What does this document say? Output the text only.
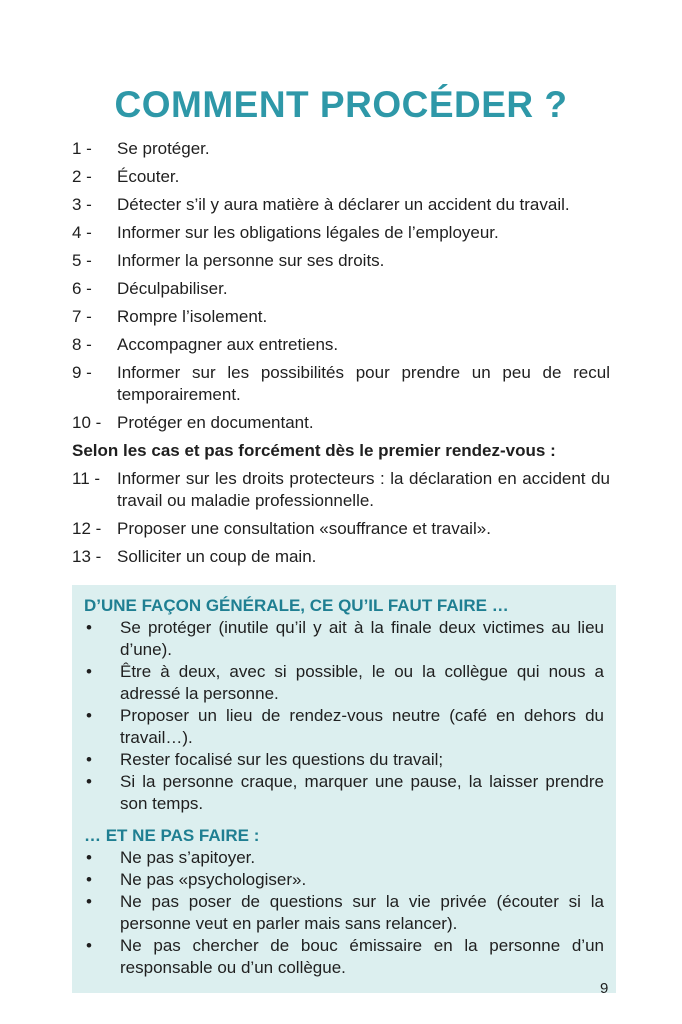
COMMENT PROCÉDER ?
1 -	Se protéger.
2 -	Écouter.
3 -	Détecter s’il y aura matière à déclarer un accident du travail.
4 -	Informer sur les obligations légales de l’employeur.
5 -	Informer la personne sur ses droits.
6 -	Déculpabiliser.
7 -	Rompre l’isolement.
8 -	Accompagner aux entretiens.
9 -	Informer sur les possibilités pour prendre un peu de recul temporairement.
10 - Protéger en documentant.
Selon les cas et pas forcément dès le premier rendez-vous :
11 - Informer sur les droits protecteurs : la déclaration en accident du travail ou maladie professionnelle.
12 - Proposer une consultation «souffrance et travail».
13 - Solliciter un coup de main.
D’UNE FAÇON GÉNÉRALE, CE QU’IL FAUT FAIRE …
•	Se protéger (inutile qu’il y ait à la finale deux victimes au lieu d’une).
•	Être à deux, avec si possible, le ou la collègue qui nous a adressé la personne.
•	Proposer un lieu de rendez-vous neutre (café en dehors du travail…).
•	Rester focalisé sur les questions du travail;
•	Si la personne craque, marquer une pause, la laisser prendre son temps.
… ET NE PAS FAIRE :
•	Ne pas s’apitoyer.
•	Ne pas «psychologiser».
•	Ne pas poser de questions sur la vie privée (écouter si la personne veut en parler mais sans relancer).
•	Ne pas chercher de bouc émissaire en la personne d’un responsable ou d’un collègue.
9
